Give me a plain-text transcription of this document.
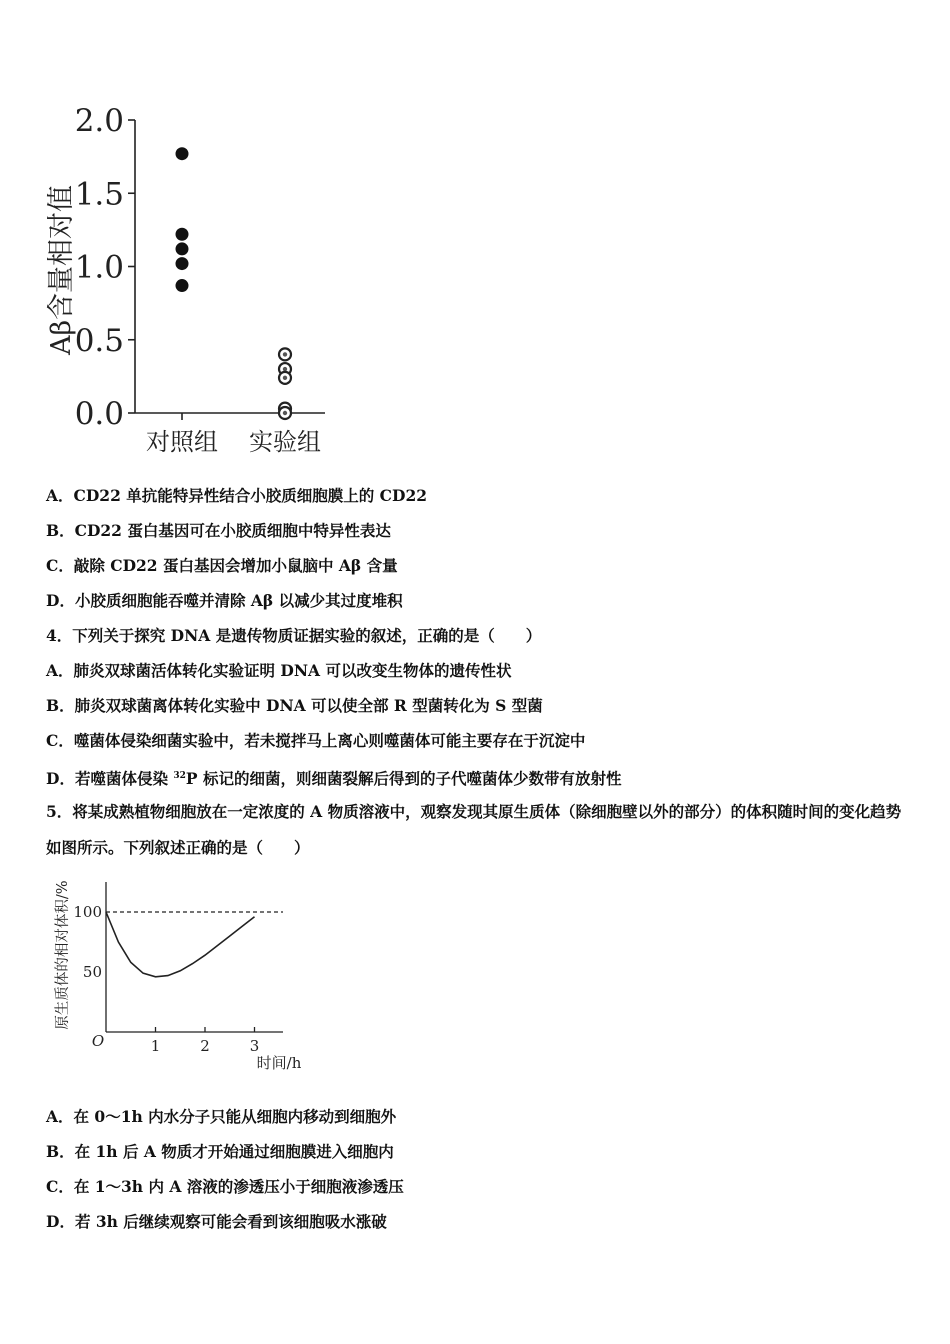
0.0
0.5
1.0
1.5
2.0
对照组 实验组
Aβ含量相对值
A．CD22 单抗能特异性结合小胶质细胞膜上的 CD22
B．CD22 蛋白基因可在小胶质细胞中特异性表达
C．敲除 CD22 蛋白基因会增加小鼠脑中 Aβ 含量
D．小胶质细胞能吞噬并清除 Aβ 以减少其过度堆积
4．下列关于探究 DNA 是遗传物质证据实验的叙述，正确的是（　　）
A．肺炎双球菌活体转化实验证明 DNA 可以改变生物体的遗传性状
B．肺炎双球菌离体转化实验中 DNA 可以使全部 R 型菌转化为 S 型菌
C．噬菌体侵染细菌实验中，若未搅拌马上离心则噬菌体可能主要存在于沉淀中
D．若噬菌体侵染 $^{32}$P 标记的细菌，则细菌裂解后得到的子代噬菌体少数带有放射性
5．将某成熟植物细胞放在一定浓度的 A 物质溶液中，观察发现其原生质体（除细胞壁以外的部分）的体积随时间的变化趋势如图所示。下列叙述正确的是（　　）
1	2	3
50
100
原生质体的相对体积/%
时间/h
O
A．在 0～1h 内水分子只能从细胞内移动到细胞外
B．在 1h 后 A 物质才开始通过细胞膜进入细胞内
C．在 1～3h 内 A 溶液的渗透压小于细胞液渗透压
D．若 3h 后继续观察可能会看到该细胞吸水涨破
